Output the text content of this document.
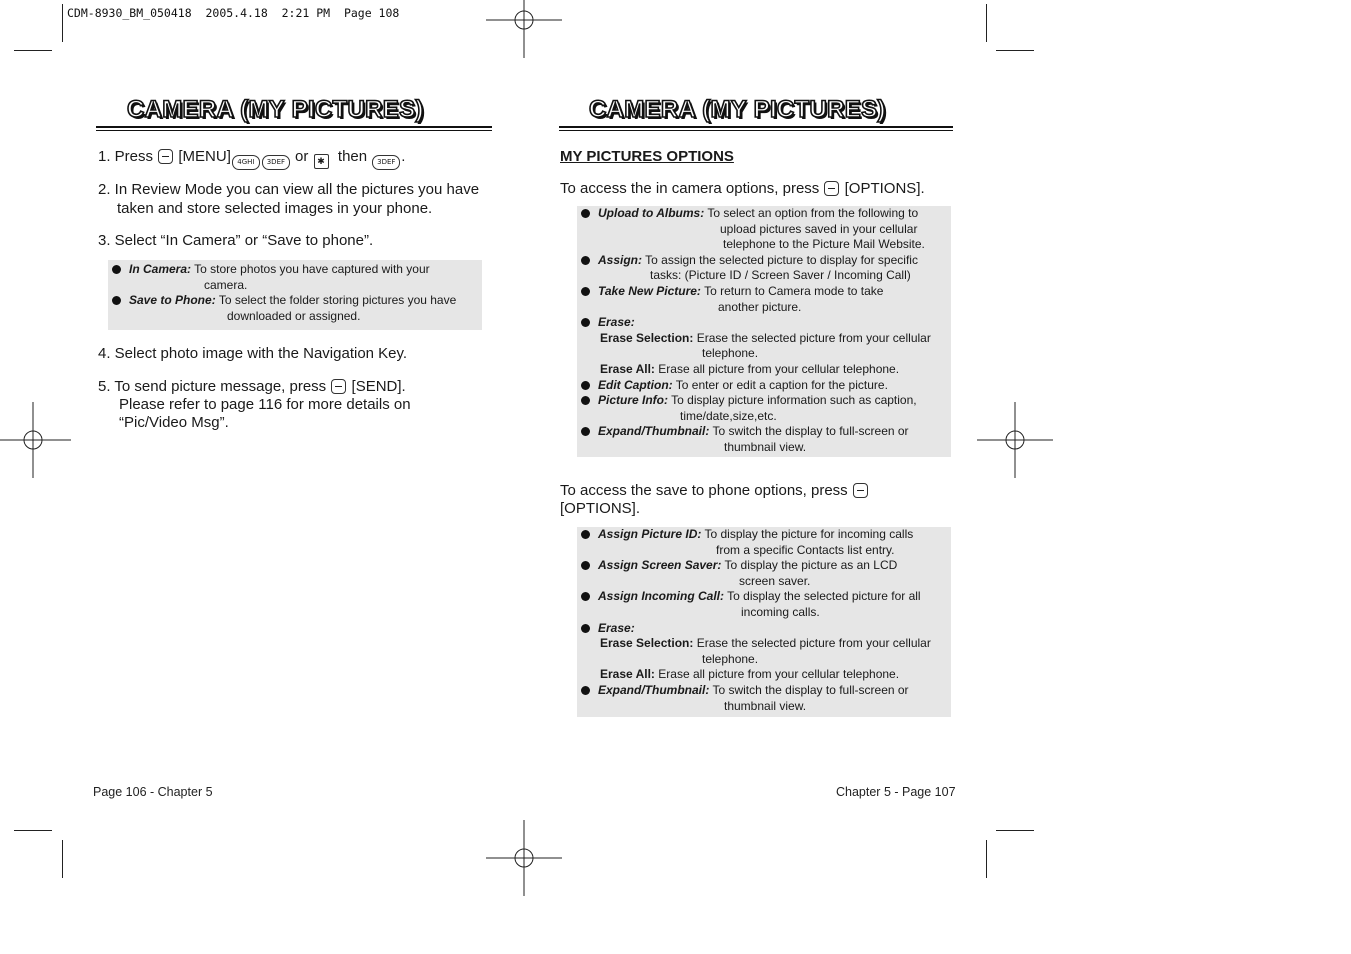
CDM-8930_BM_050418  2005.4.18  2:21 PM  Page 108
CAMERA (MY PICTURES)
1. Press [MENU] 4GHI 3DEF or ✱ then 3DEF .
2. In Review Mode you can view all the pictures you have
taken and store selected images in your phone.
3. Select “In Camera” or “Save to phone”.
In Camera: To store photos you have captured with your
camera.
Save to Phone: To select the folder storing pictures you have
downloaded or assigned.
4. Select photo image with the Navigation Key.
5. To send picture message, press [SEND].
Please refer to page 116 for more details on
“Pic/Video Msg”.
Page 106 - Chapter 5
CAMERA (MY PICTURES)
MY PICTURES OPTIONS
To access the in camera options, press [OPTIONS].
Upload to Albums: To select an option from the following to
upload pictures saved in your cellular
telephone to the Picture Mail Website.
Assign: To assign the selected picture to display for specific
tasks: (Picture ID / Screen Saver / Incoming Call)
Take New Picture: To return to Camera mode to take
another picture.
Erase:
Erase Selection: Erase the selected picture from your cellular
telephone.
Erase All: Erase all picture from your cellular telephone.
Edit Caption: To enter or edit a caption for the picture.
Picture Info: To display picture information such as caption,
time/date,size,etc.
Expand/Thumbnail: To switch the display to full-screen or
thumbnail view.
To access the save to phone options, press
[OPTIONS].
Assign Picture ID: To display the picture for incoming calls
from a specific Contacts list entry.
Assign Screen Saver: To display the picture as an LCD
screen saver.
Assign Incoming Call: To display the selected picture for all
incoming calls.
Erase:
Erase Selection: Erase the selected picture from your cellular
telephone.
Erase All: Erase all picture from your cellular telephone.
Expand/Thumbnail: To switch the display to full-screen or
thumbnail view.
Chapter 5 - Page 107
